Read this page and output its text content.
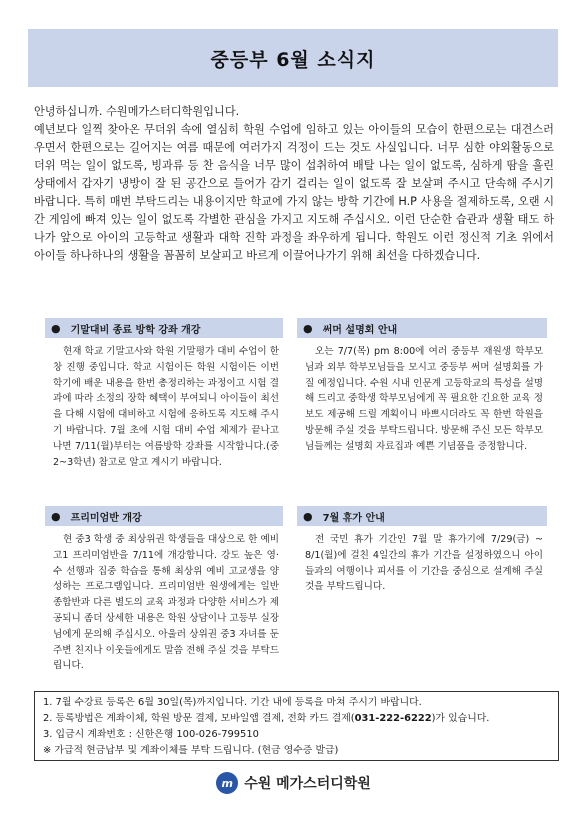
중등부 6월 소식지
안녕하십니까. 수원메가스터디학원입니다.
예년보다 일찍 찾아온 무더위 속에 열심히 학원 수업에 임하고 있는 아이들의 모습이 한편으로는 대견스러우면서 한편으로는 길어지는 여름 때문에 여러가지 걱정이 드는 것도 사실입니다. 너무 심한 야외활동으로 더위 먹는 일이 없도록, 빙과류 등 찬 음식을 너무 많이 섭취하여 배탈 나는 일이 없도록, 심하게 땀을 흘린 상태에서 갑자기 냉방이 잘 된 공간으로 들어가 감기 걸리는 일이 없도록 잘 보살펴 주시고 단속해 주시기 바랍니다. 특히 매번 부탁드리는 내용이지만 학교에 가지 않는 방학 기간에 H.P 사용을 절제하도록, 오랜 시간 게임에 빠져 있는 일이 없도록 각별한 관심을 가지고 지도해 주십시오. 이런 단순한 습관과 생활 태도 하나가 앞으로 아이의 고등학교 생활과 대학 진학 과정을 좌우하게 됩니다. 학원도 이런 정신적 기초 위에서 아이들 하나하나의 생활을 꼼꼼히 보살피고 바르게 이끌어나가기 위해 최선을 다하겠습니다.
● 기말대비 종료 방학 강좌 개강
현재 학교 기말고사와 학원 기말평가 대비 수업이 한창 진행 중입니다. 학교 시험이든 학원 시험이든 이번 학기에 배운 내용을 한번 총정리하는 과정이고 시험 결과에 따라 소정의 장학 혜택이 부여되니 아이들이 최선을 다해 시험에 대비하고 시험에 응하도록 지도해 주시기 바랍니다. 7월 초에 시험 대비 수업 체제가 끝나고 나면 7/11(월)부터는 여름방학 강좌를 시작합니다.(중2~3학년) 참고로 알고 계시기 바랍니다.
● 프리미엄반 개강
현 중3 학생 중 최상위권 학생들을 대상으로 한 예비고1 프리미엄반을 7/11에 개강합니다. 강도 높은 영·수 선행과 집중 학습을 통해 최상위 예비 고교생을 양성하는 프로그램입니다. 프리미엄반 원생에게는 일반 종합반과 다른 별도의 교육 과정과 다양한 서비스가 제공되니 좀더 상세한 내용은 학원 상담이나 고등부 실장님에게 문의해 주십시오. 아울러 상위권 중3 자녀를 둔 주변 친지나 이웃들에게도 말씀 전해 주실 것을 부탁드립니다.
● 써머 설명회 안내
오는 7/7(목) pm 8:00에 여러 중등부 재원생 학부모님과 외부 학부모님들을 모시고 중등부 써머 설명회를 가질 예정입니다. 수원 시내 인문계 고등학교의 특성을 설명해 드리고 중학생 학부모님에게 꼭 필요한 긴요한 교육 정보도 제공해 드릴 계획이니 바쁘시더라도 꼭 한번 학원을 방문해 주실 것을 부탁드립니다. 방문해 주신 모든 학부모님들께는 설명회 자료집과 예쁜 기념품을 증정합니다.
● 7월 휴가 안내
전 국민 휴가 기간인 7월 말 휴가기에 7/29(금) ~ 8/1(월)에 걸친 4일간의 휴가 기간을 설정하였으니 아이들과의 여행이나 피서를 이 기간을 중심으로 설계해 주실 것을 부탁드립니다.
1. 7월 수강료 등록은 6월 30일(목)까지입니다. 기간 내에 등록을 마쳐 주시기 바랍니다.
2. 등록방법은 계좌이체, 학원 방문 결제, 모바일앱 결제, 전화 카드 결제(031-222-6222)가 있습니다.
3. 입금시 계좌번호 : 신한은행 100-026-799510
※ 가급적 현금납부 및 계좌이체를 부탁 드립니다. (현금 영수증 발급)
m 수원 메가스터디학원
